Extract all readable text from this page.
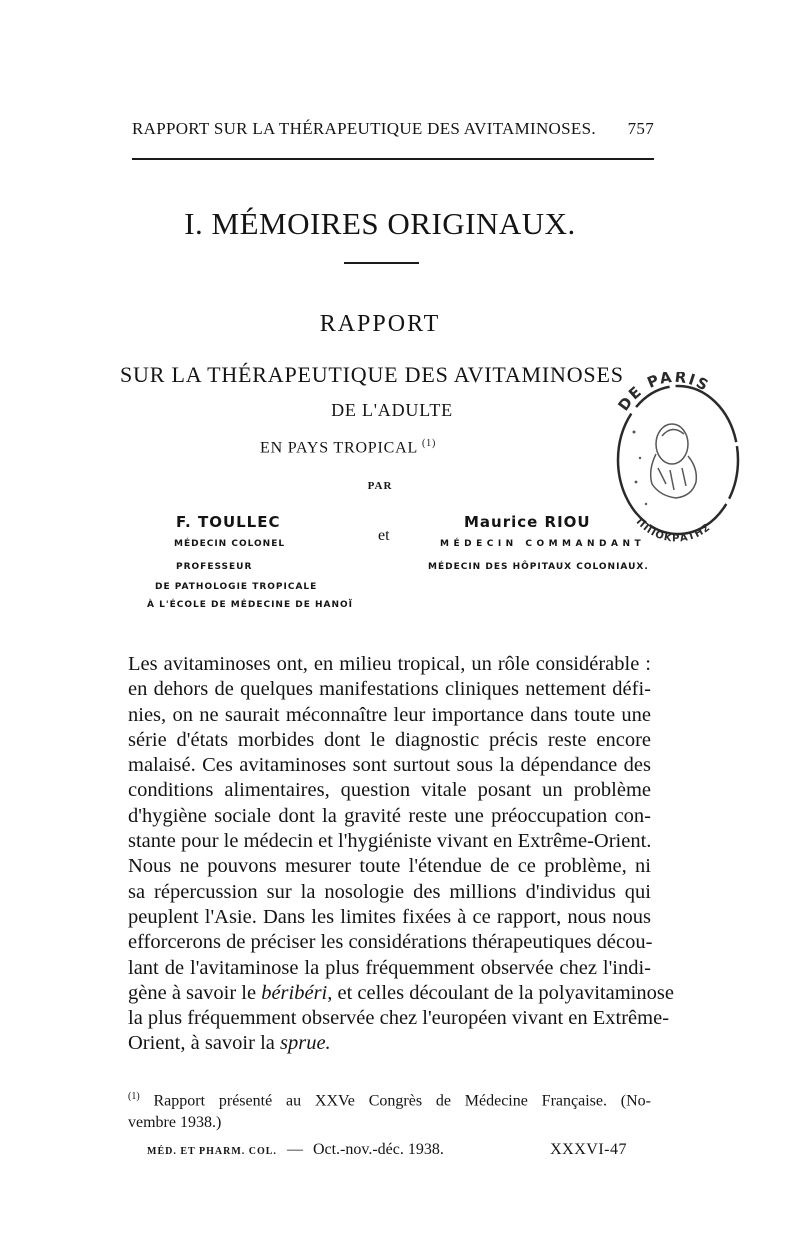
RAPPORT SUR LA THÉRAPEUTIQUE DES AVITAMINOSES. 757
I. MÉMOIRES ORIGINAUX.
RAPPORT
SUR LA THÉRAPEUTIQUE DES AVITAMINOSES
DE L'ADULTE
EN PAYS TROPICAL $^{(1)}$
PAR
F. TOULLEC
MÉDECIN COLONEL
PROFESSEUR
DE PATHOLOGIE TROPICALE
À L'ÉCOLE DE MÉDECINE DE HANOÏ
et
Maurice RIOU
MÉDECIN COMMANDANT
MÉDECIN DES HÔPITAUX COLONIAUX.
DE PARIS
ΙΠΠΟΚΡΑΤΗΣ
Les avitaminoses ont, en milieu tropical, un rôle considérable :
en dehors de quelques manifestations cliniques nettement défi-
nies, on ne saurait méconnaître leur importance dans toute une
série d'états morbides dont le diagnostic précis reste encore
malaisé. Ces avitaminoses sont surtout sous la dépendance des
conditions alimentaires, question vitale posant un problème
d'hygiène sociale dont la gravité reste une préoccupation con-
stante pour le médecin et l'hygiéniste vivant en Extrême-Orient.
Nous ne pouvons mesurer toute l'étendue de ce problème, ni
sa répercussion sur la nosologie des millions d'individus qui
peuplent l'Asie. Dans les limites fixées à ce rapport, nous nous
efforcerons de préciser les considérations thérapeutiques décou-
lant de l'avitaminose la plus fréquemment observée chez l'indi-
gène à savoir le béribéri, et celles découlant de la polyavitaminose
la plus fréquemment observée chez l'européen vivant en Extrême-
Orient, à savoir la sprue.
$^{(1)}$ Rapport présenté au XXVe Congrès de Médecine Française. (No-
vembre 1938.)
MÉD. ET PHARM. COL. — Oct.-nov.-déc. 1938.	XXXVI-47
